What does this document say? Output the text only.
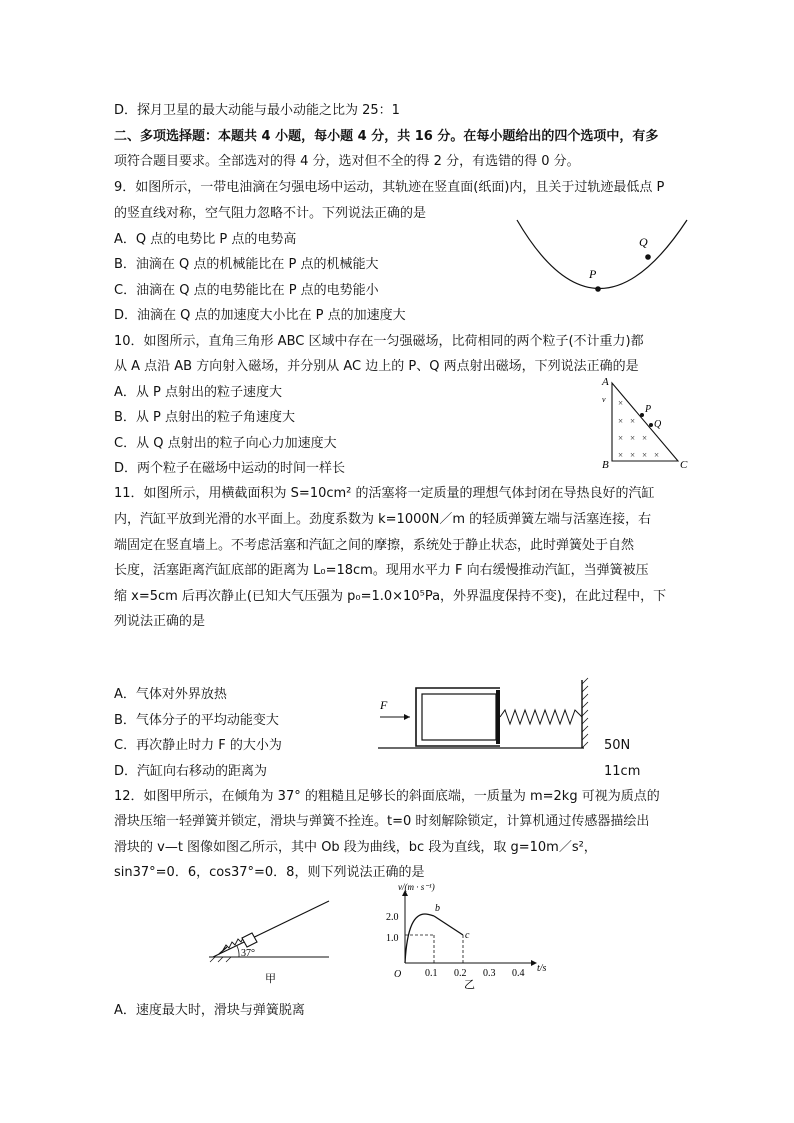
D．探月卫星的最大动能与最小动能之比为 25：1
二、多项选择题：本题共 4 小题，每小题 4 分，共 16 分。在每小题给出的四个选项中，有多
项符合题目要求。全部选对的得 4 分，选对但不全的得 2 分，有选错的得 0 分。
9．如图所示，一带电油滴在匀强电场中运动，其轨迹在竖直面(纸面)内，且关于过轨迹最低点 P
的竖直线对称，空气阻力忽略不计。下列说法正确的是
A．Q 点的电势比 P 点的电势高
B．油滴在 Q 点的机械能比在 P 点的机械能大
C．油滴在 Q 点的电势能比在 P 点的电势能小
D．油滴在 Q 点的加速度大小比在 P 点的加速度大
P
Q
10．如图所示，直角三角形 ABC 区域中存在一匀强磁场，比荷相同的两个粒子(不计重力)都
从 A 点沿 AB 方向射入磁场，并分别从 AC 边上的 P、Q 两点射出磁场，下列说法正确的是
A．从 P 点射出的粒子速度大
B．从 P 点射出的粒子角速度大
C．从 Q 点射出的粒子向心力加速度大
D．两个粒子在磁场中运动的时间一样长
A
B	C
v
P
Q
×
× ×
× × ×
× × × ×
11．如图所示，用横截面积为 S=10cm² 的活塞将一定质量的理想气体封闭在导热良好的汽缸
内，汽缸平放到光滑的水平面上。劲度系数为 k=1000N／m 的轻质弹簧左端与活塞连接，右
端固定在竖直墙上。不考虑活塞和汽缸之间的摩擦，系统处于静止状态，此时弹簧处于自然
长度，活塞距离汽缸底部的距离为 L₀=18cm。现用水平力 F 向右缓慢推动汽缸，当弹簧被压
缩 x=5cm 后再次静止(已知大气压强为 p₀=1.0×10⁵Pa，外界温度保持不变)，在此过程中，下
列说法正确的是
A．气体对外界放热
B．气体分子的平均动能变大
C．再次静止时力 F 的大小为
D．汽缸向右移动的距离为
50N
11cm
F
12．如图甲所示，在倾角为 37° 的粗糙且足够长的斜面底端，一质量为 m=2kg 可视为质点的
滑块压缩一轻弹簧并锁定，滑块与弹簧不拴连。t=0 时刻解除锁定，计算机通过传感器描绘出
滑块的 v—t 图像如图乙所示，其中 Ob 段为曲线，bc 段为直线，取 g=10m／s²，
sin37°=0．6，cos37°=0．8，则下列说法正确的是
37°
甲
v/(m · s⁻¹)
t/s
O
2.0
1.0
0.1 0.2 0.3 0.4
b
c
乙
A．速度最大时，滑块与弹簧脱离
